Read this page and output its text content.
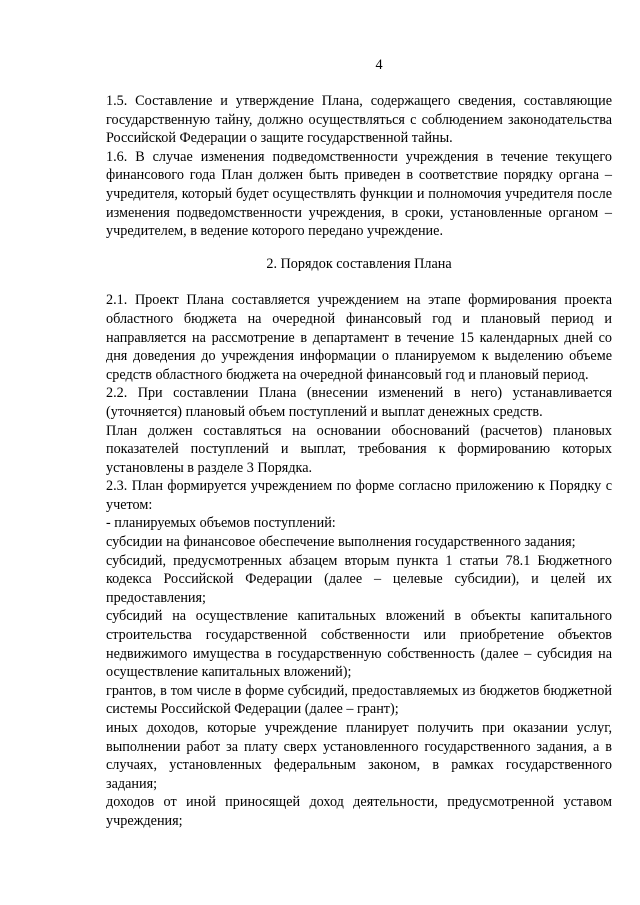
4

1.5. Составление и утверждение Плана, содержащего сведения, составляющие государственную тайну, должно осуществляться с соблюдением законодательства Российской Федерации о защите государственной тайны.

1.6. В случае изменения подведомственности учреждения в течение текущего финансового года План должен быть приведен в соответствие порядку органа – учредителя, который будет осуществлять функции и полномочия учредителя после изменения подведомственности учреждения, в сроки, установленные органом – учредителем, в ведение которого передано учреждение.

2. Порядок составления Плана

2.1. Проект Плана составляется учреждением на этапе формирования проекта областного бюджета на очередной финансовый год и плановый период и направляется на рассмотрение в департамент в течение 15 календарных дней со дня доведения до учреждения информации о планируемом к выделению объеме средств областного бюджета на очередной финансовый год и плановый период.

2.2. При составлении Плана (внесении изменений в него) устанавливается (уточняется) плановый объем поступлений и выплат денежных средств.

План должен составляться на основании обоснований (расчетов) плановых показателей поступлений и выплат, требования к формированию которых установлены в разделе 3 Порядка.

2.3. План формируется учреждением по форме согласно приложению к Порядку с учетом:

- планируемых объемов поступлений:

субсидии на финансовое обеспечение выполнения государственного задания;

субсидий, предусмотренных абзацем вторым пункта 1 статьи 78.1 Бюджетного кодекса Российской Федерации (далее – целевые субсидии), и целей их предоставления;

субсидий на осуществление капитальных вложений в объекты капитального строительства государственной собственности или приобретение объектов недвижимого имущества в государственную собственность (далее – субсидия на осуществление капитальных вложений);

грантов, в том числе в форме субсидий, предоставляемых из бюджетов бюджетной системы Российской Федерации (далее – грант);

иных доходов, которые учреждение планирует получить при оказании услуг, выполнении работ за плату сверх установленного государственного задания, а в случаях, установленных федеральным законом, в рамках государственного задания;

доходов от иной приносящей доход деятельности, предусмотренной уставом учреждения;
